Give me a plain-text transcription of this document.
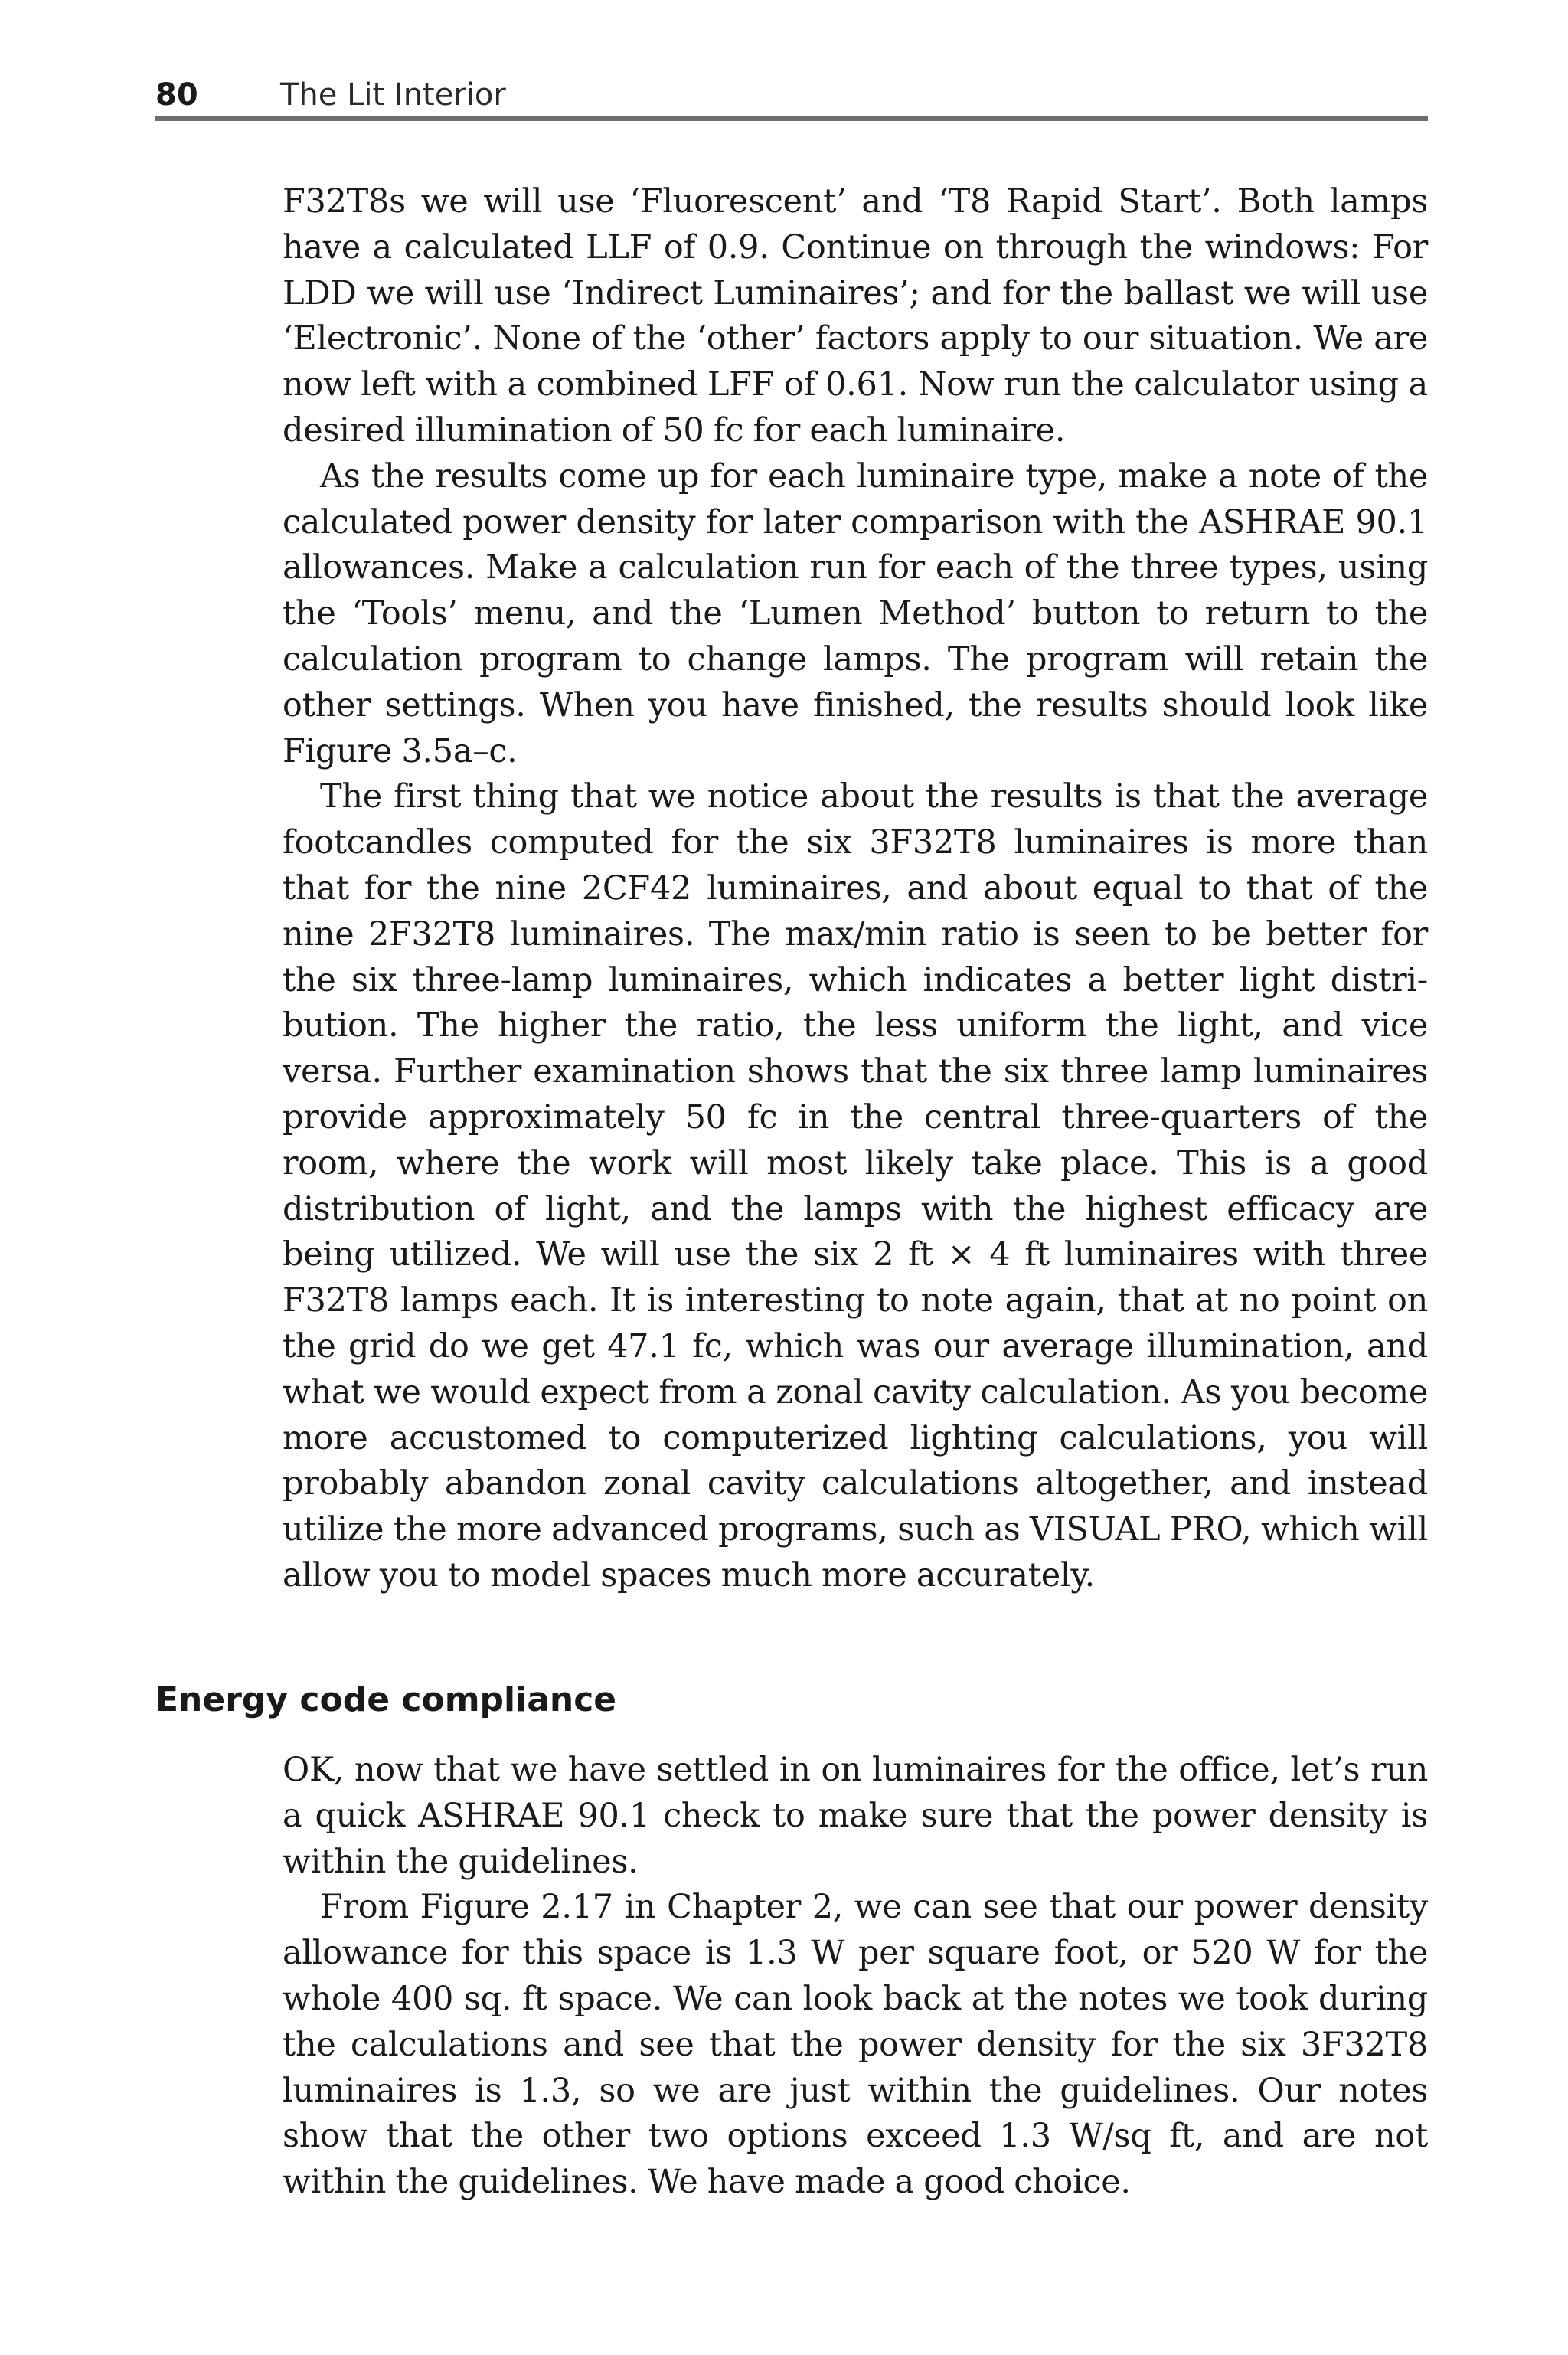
80	The Lit Interior

F32T8s we will use ‘Fluorescent’ and ‘T8 Rapid Start’. Both lamps have a calculated LLF of 0.9. Continue on through the windows: For LDD we will use ‘Indirect Luminaires’; and for the ballast we will use ‘Electronic’. None of the ‘other’ factors apply to our situation. We are now left with a combined LFF of 0.61. Now run the calculator using a desired illumination of 50 fc for each luminaire.

As the results come up for each luminaire type, make a note of the calculated power density for later comparison with the ASHRAE 90.1 allowances. Make a calculation run for each of the three types, using the ‘Tools’ menu, and the ‘Lumen Method’ button to return to the calculation program to change lamps. The program will retain the other settings. When you have finished, the results should look like Figure 3.5a–c.

The first thing that we notice about the results is that the average footcandles computed for the six 3F32T8 luminaires is more than that for the nine 2CF42 luminaires, and about equal to that of the nine 2F32T8 luminaires. The max/min ratio is seen to be better for the six three-lamp luminaires, which indicates a better light distri- bution. The higher the ratio, the less uniform the light, and vice versa. Further examination shows that the six three lamp luminaires provide approximately 50 fc in the central three-quarters of the room, where the work will most likely take place. This is a good distribution of light, and the lamps with the highest efficacy are being utilized. We will use the six 2 ft × 4 ft luminaires with three F32T8 lamps each. It is interesting to note again, that at no point on the grid do we get 47.1 fc, which was our average illumination, and what we would expect from a zonal cavity calculation. As you become more accustomed to computerized lighting calculations, you will probably abandon zonal cavity calculations altogether, and instead utilize the more advanced programs, such as VISUAL PRO, which will allow you to model spaces much more accurately.

Energy code compliance

OK, now that we have settled in on luminaires for the office, let’s run a quick ASHRAE 90.1 check to make sure that the power density is within the guidelines.

From Figure 2.17 in Chapter 2, we can see that our power density allowance for this space is 1.3 W per square foot, or 520 W for the whole 400 sq. ft space. We can look back at the notes we took during the calculations and see that the power density for the six 3F32T8 luminaires is 1.3, so we are just within the guidelines. Our notes show that the other two options exceed 1.3 W/sq ft, and are not within the guidelines. We have made a good choice.
